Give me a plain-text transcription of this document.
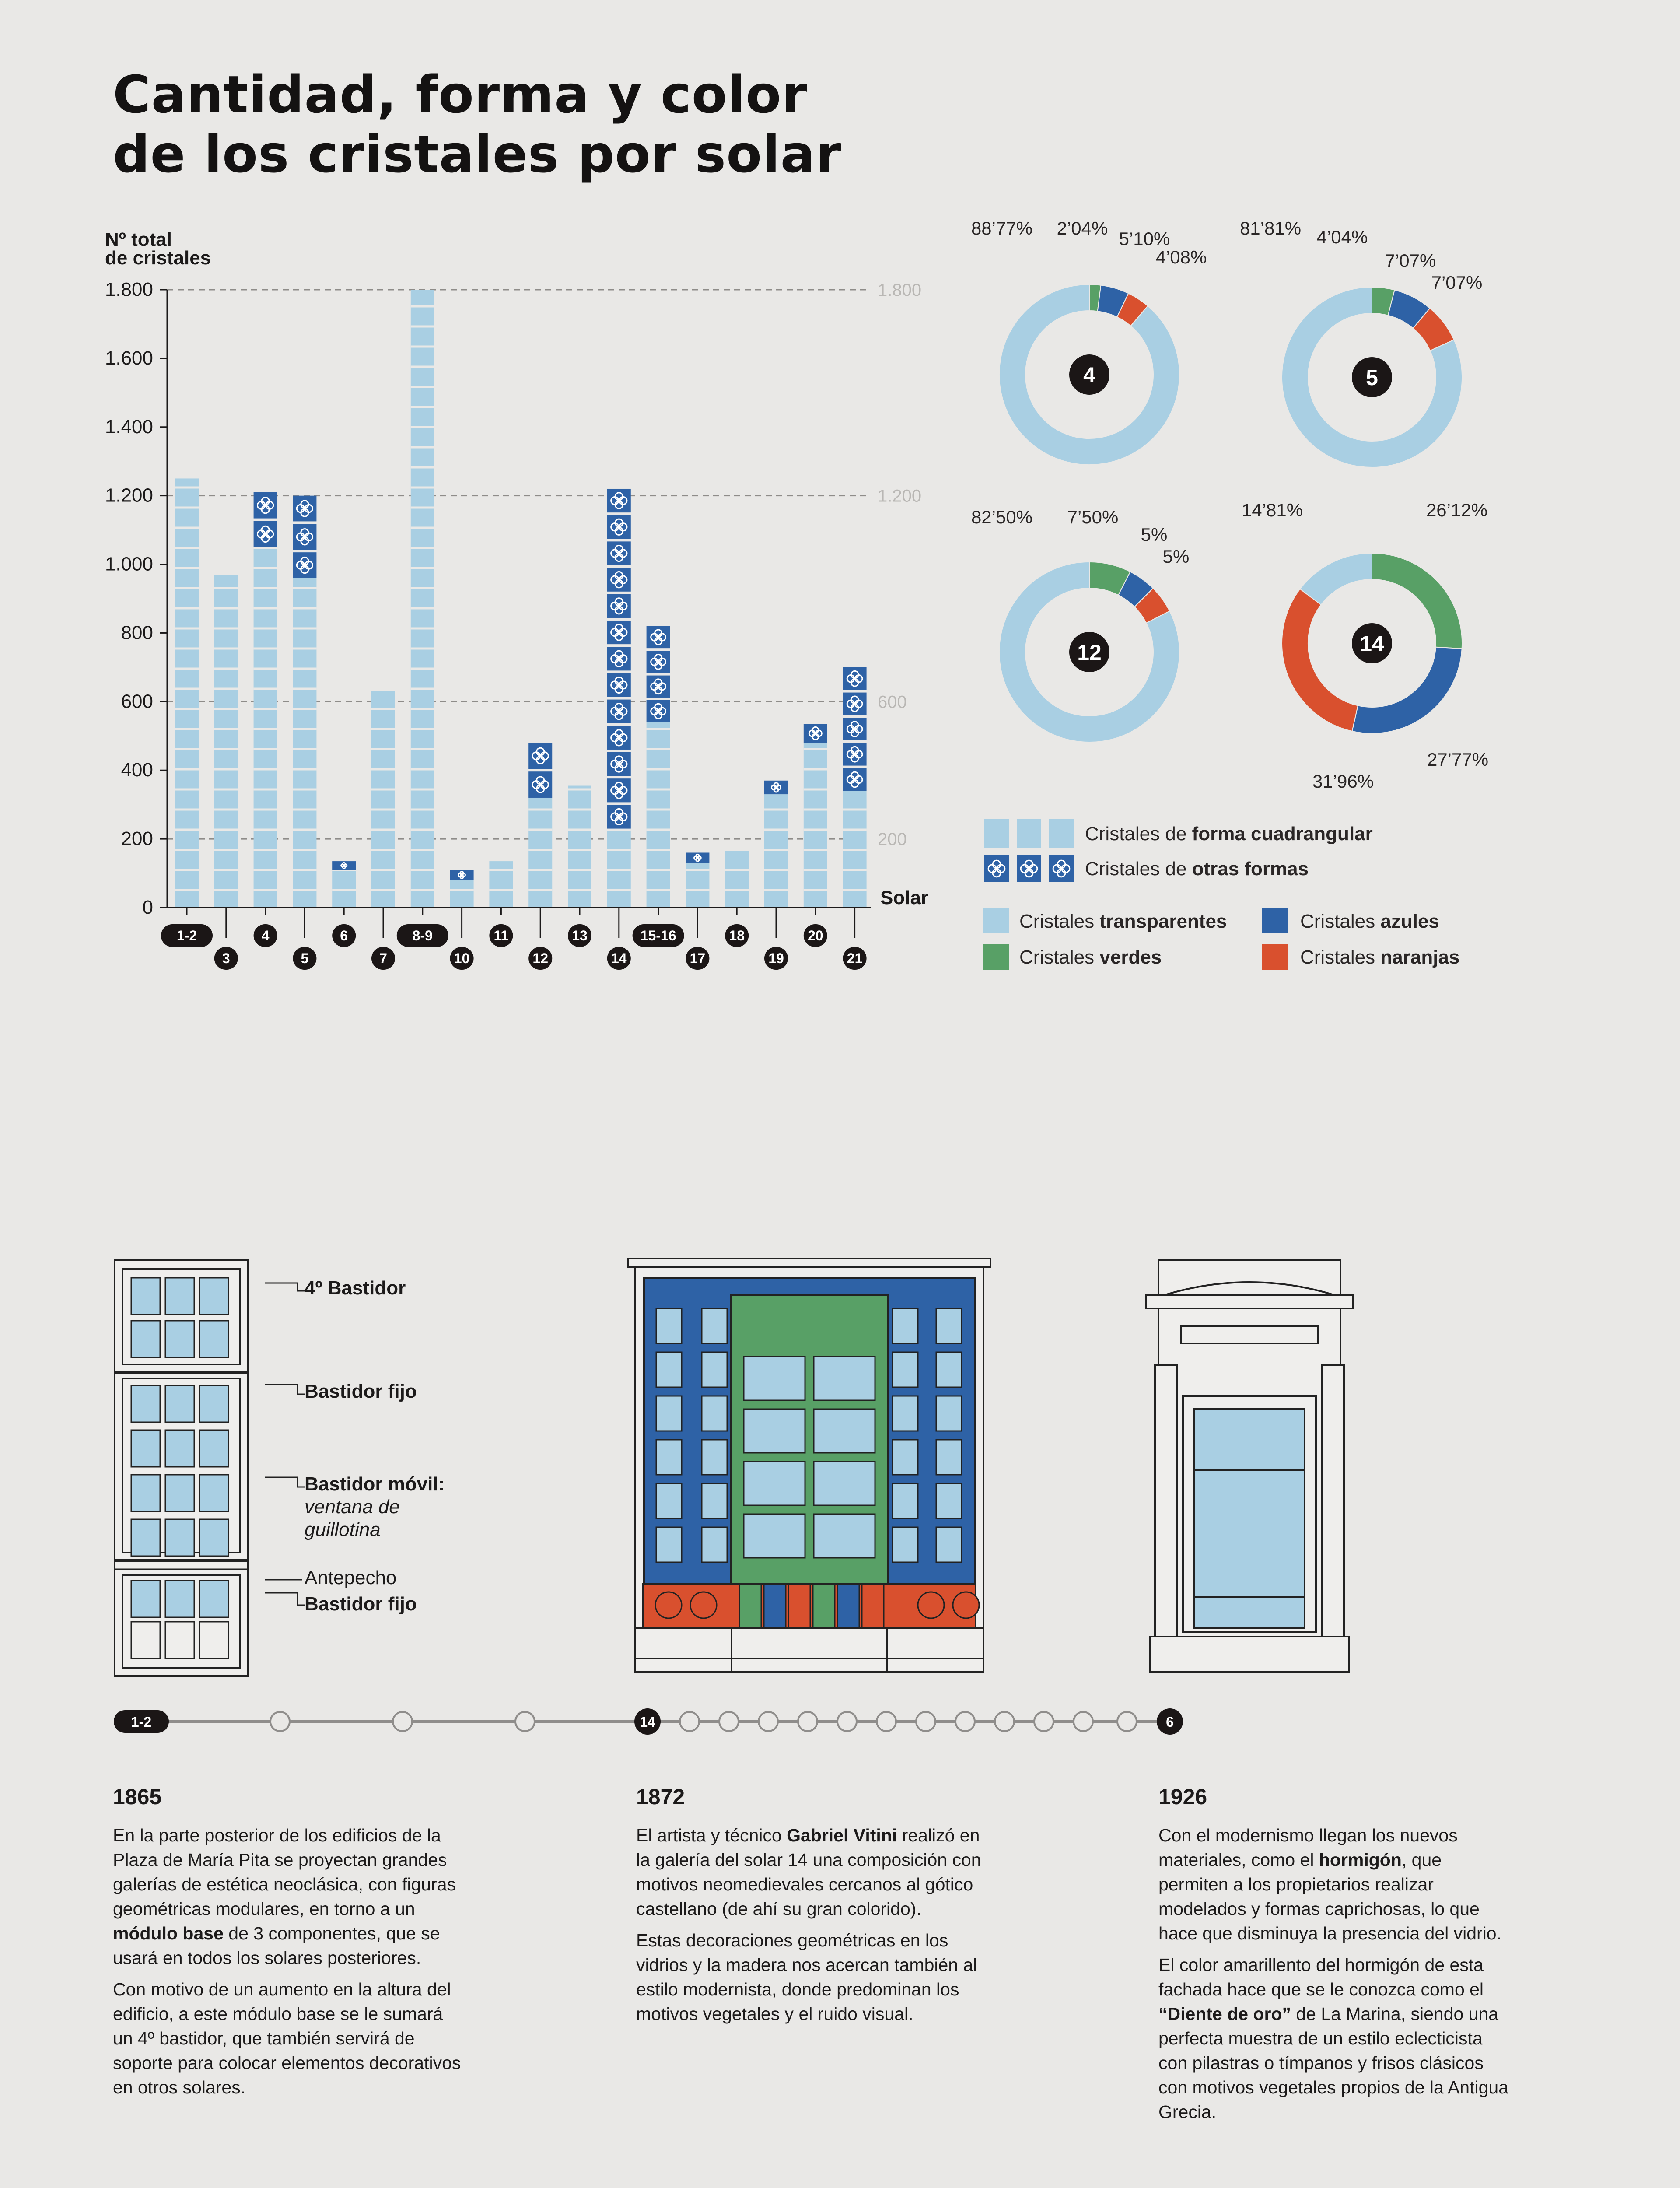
Cantidad, forma y color
de los cristales por solar
Nº total
de cristales
200
600
1.200
1.800
0
200
400
600
800
1.000
1.200
1.400
1.600
1.800
Solar
1-2
3
4
5
6
7
8-9
10
11
12
13
14
15-16
17
18
19
20
21
4
88’77% 2’04%
5’10%
4’08%
5
81’81% 4’04%
7’07%
7’07%
12
82’50% 7’50%
5%
5%
14
14’81%	26’12%
27’77%
31’96%
Cristales de forma cuadrangular
Cristales de otras formas
Cristales transparentes	Cristales azules
Cristales verdes	Cristales naranjas
4º Bastidor
Bastidor fijo
Bastidor móvil:
ventana de
guillotina
Antepecho
Bastidor fijo
1-2	14	6
1865

En la parte posterior de los edificios de la Plaza de María Pita se proyectan grandes galerías de estética neoclásica, con figuras geométricas modulares, en torno a un módulo base de 3 componentes, que se usará en todos los solares posteriores.

Con motivo de un aumento en la altura del edificio, a este módulo base se le sumará un 4º bastidor, que también servirá de soporte para colocar elementos decorativos en otros solares.

1872

El artista y técnico Gabriel Vitini realizó en la galería del solar 14 una composición con motivos neomedievales cercanos al gótico castellano (de ahí su gran colorido).

Estas decoraciones geométricas en los vidrios y la madera nos acercan también al estilo modernista, donde predominan los motivos vegetales y el ruido visual.

1926

Con el modernismo llegan los nuevos materiales, como el hormigón, que permiten a los propietarios realizar modelados y formas caprichosas, lo que hace que disminuya la presencia del vidrio.

El color amarillento del hormigón de esta fachada hace que se le conozca como el “Diente de oro” de La Marina, siendo una perfecta muestra de un estilo eclecticista con pilastras o tímpanos y frisos clásicos con motivos vegetales propios de la Antigua Grecia.
